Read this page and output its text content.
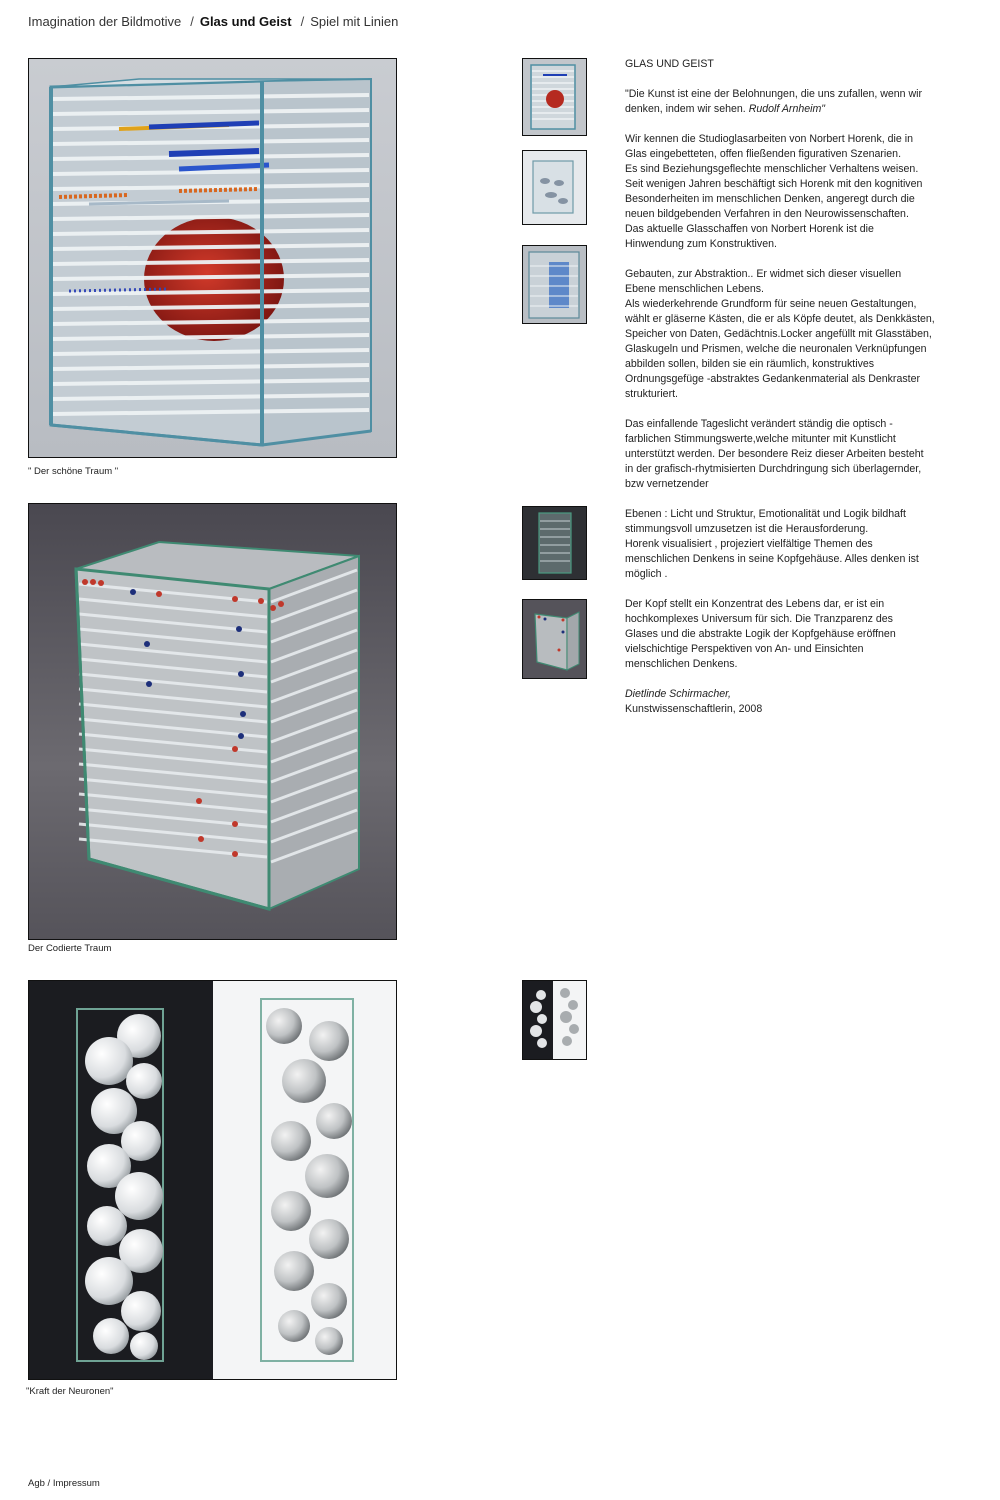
Imagination der Bildmotive / Glas und Geist / Spiel mit Linien
" Der schöne Traum "
Der Codierte Traum
"Kraft der Neuronen"

GLAS UND GEIST

"Die Kunst ist eine der Belohnungen, die uns zufallen, wenn wir denken, indem wir sehen. Rudolf Arnheim"

Wir kennen die Studioglasarbeiten von Norbert Horenk, die in
Glas eingebetteten, offen fließenden figurativen Szenarien.
Es sind Beziehungsgeflechte menschlicher Verhaltens weisen.
Seit wenigen Jahren beschäftigt sich Horenk mit den kognitiven
Besonderheiten im menschlichen Denken, angeregt durch die
neuen bildgebenden Verfahren in den Neurowissenschaften.
Das aktuelle Glasschaffen von Norbert Horenk ist die
Hinwendung zum Konstruktiven.

Gebauten, zur Abstraktion.. Er widmet sich dieser visuellen
Ebene menschlichen Lebens.
Als wiederkehrende Grundform für seine neuen Gestaltungen,
wählt er gläserne Kästen, die er als Köpfe deutet, als Denkkästen,
Speicher von Daten, Gedächtnis.Locker angefüllt mit Glasstäben,
Glaskugeln und Prismen, welche die neuronalen Verknüpfungen
abbilden sollen, bilden sie ein räumlich, konstruktives
Ordnungsgefüge -abstraktes Gedankenmaterial als Denkraster
strukturiert.

Das einfallende Tageslicht verändert ständig die optisch -
farblichen Stimmungswerte,welche mitunter mit Kunstlicht
unterstützt werden. Der besondere Reiz dieser Arbeiten besteht
in der grafisch-rhytmisierten Durchdringung sich überlagernder,
bzw vernetzender

Ebenen : Licht und Struktur, Emotionalität und Logik bildhaft
stimmungsvoll umzusetzen ist die Herausforderung.
Horenk visualisiert , projeziert vielfältige Themen des
menschlichen Denkens in seine Kopfgehäuse. Alles denken ist
möglich .

Der Kopf stellt ein Konzentrat des Lebens dar, er ist ein
hochkomplexes Universum für sich. Die Tranzparenz des
Glases und die abstrakte Logik der Kopfgehäuse eröffnen
vielschichtige Perspektiven von An- und Einsichten
menschlichen Denkens.

Dietlinde Schirmacher,
Kunstwissenschaftlerin, 2008

Agb / Impressum
